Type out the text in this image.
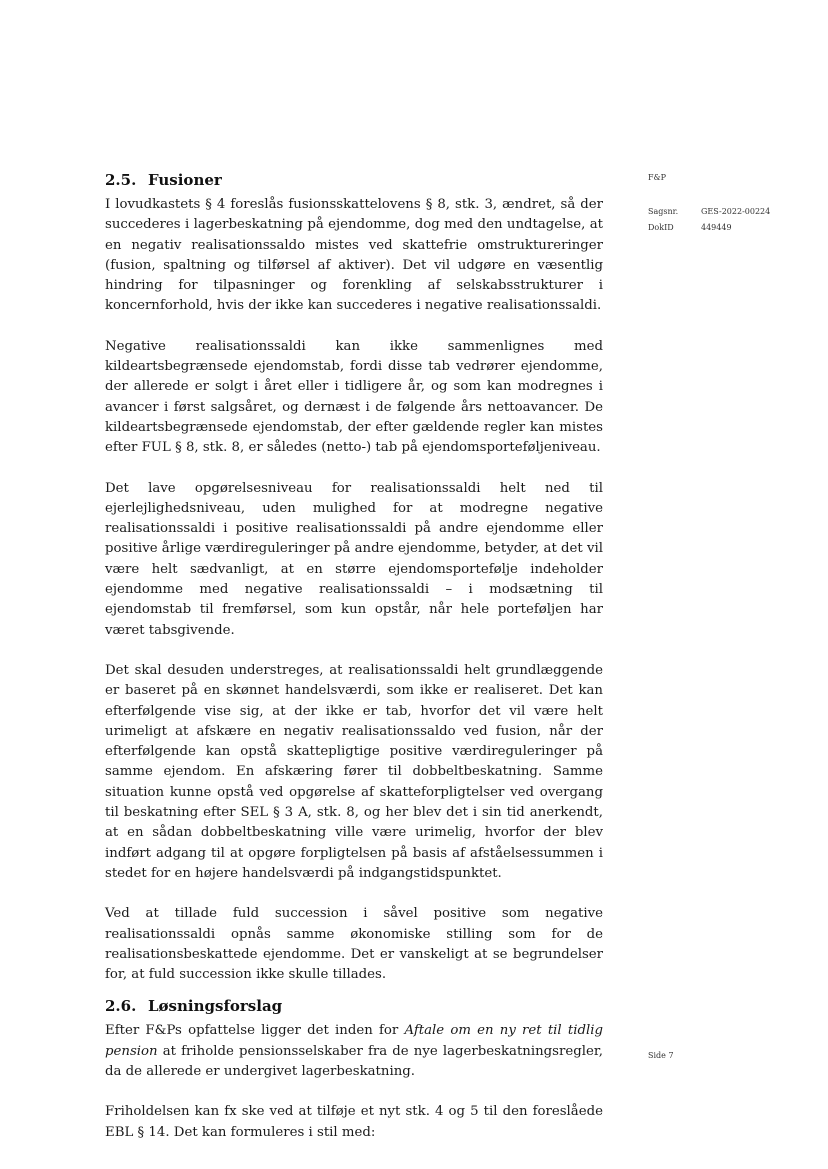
F&P
Sagsnr.	GES-2022-00224
DokID	449449
2.5. Fusioner

I lovudkastets § 4 foreslås fusionsskattelovens § 8, stk. 3, ændret, så der succederes i lagerbeskatning på ejendomme, dog med den undtagelse, at en negativ realisationssaldo mistes ved skattefrie omstruktureringer (fusion, spaltning og tilførsel af aktiver). Det vil udgøre en væsentlig hindring for tilpasninger og forenkling af selskabsstrukturer i koncernforhold, hvis der ikke kan succederes i negative realisationssaldi.

Negative realisationssaldi kan ikke sammenlignes med kildeartsbegrænsede ejendomstab, fordi disse tab vedrører ejendomme, der allerede er solgt i året eller i tidligere år, og som kan modregnes i avancer i først salgsåret, og dernæst i de følgende års nettoavancer. De kildeartsbegrænsede ejendomstab, der efter gældende regler kan mistes efter FUL § 8, stk. 8, er således (netto-) tab på ejendomsporteføljeniveau.

Det lave opgørelsesniveau for realisationssaldi helt ned til ejerlejlighedsniveau, uden mulighed for at modregne negative realisationssaldi i positive realisationssaldi på andre ejendomme eller positive årlige værdireguleringer på andre ejendomme, betyder, at det vil være helt sædvanligt, at en større ejendomsportefølje indeholder ejendomme med negative realisationssaldi – i modsætning til ejendomstab til fremførsel, som kun opstår, når hele porteføljen har været tabsgivende.

Det skal desuden understreges, at realisationssaldi helt grundlæggende er baseret på en skønnet handelsværdi, som ikke er realiseret. Det kan efterfølgende vise sig, at der ikke er tab, hvorfor det vil være helt urimeligt at afskære en negativ realisationssaldo ved fusion, når der efterfølgende kan opstå skattepligtige positive værdireguleringer på samme ejendom. En afskæring fører til dobbeltbeskatning. Samme situation kunne opstå ved opgørelse af skatteforpligtelser ved overgang til beskatning efter SEL § 3 A, stk. 8, og her blev det i sin tid anerkendt, at en sådan dobbeltbeskatning ville være urimelig, hvorfor der blev indført adgang til at opgøre forpligtelsen på basis af afståelsessummen i stedet for en højere handelsværdi på indgangstidspunktet.

Ved at tillade fuld succession i såvel positive som negative realisationssaldi opnås samme økonomiske stilling som for de realisationsbeskattede ejendomme. Det er vanskeligt at se begrundelser for, at fuld succession ikke skulle tillades.

2.6. Løsningsforslag

Efter F&Ps opfattelse ligger det inden for Aftale om en ny ret til tidlig pension at friholde pensionsselskaber fra de nye lagerbeskatningsregler, da de allerede er undergivet lagerbeskatning.

Friholdelsen kan fx ske ved at tilføje et nyt stk. 4 og 5 til den foreslåede EBL § 14. Det kan formuleres i stil med:

Side 7
